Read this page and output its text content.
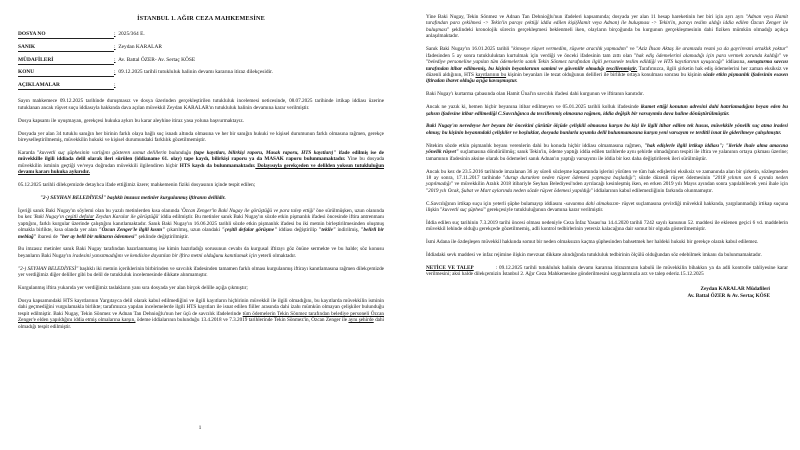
İSTANBUL 1. AĞIR CEZA MAHKEMESİNE
DOSYA NO	: 2025/364 E.
SANIK	: Zeydan KARALAR
MÜDAFİLERİ	: Av. Battal ÖZER- Av. Sertaç KÖSE
KONU	: 09.12.2025 tarihli tutukluluk halinin devamı kararına itiraz dilekçesidir.
AÇIKLAMALAR	:

Sayın mahkemece 09.12.2025 tarihinde duruşmasız ve dosya üzerinden gerçekleştirilen tutukluluk incelemesi neticesinde, 08.07.2025 tarihinde irtikap iddiası üzerine tutuklanan ancak rüşvet suçu iddiasıyla hakkında dava açılan müvekkil Zeydan KARALAR'ın tutukluluk halinin devamına karar verilmiştir.

Dosya kapsamı ile uyuşmayan, gerekçesi hukuka aykırı bu karar aleyhine itiraz yasa yoluna başvurmaktayız.

Dosyada yer alan 34 tutuklu sanığın her birinin farklı olaya bağlı suç isnadı altında olmasına ve her bir sanığın hukuki ve kişisel durumunun farklı olmasına rağmen, gerekçe bireyselleştirilmemiş, müvekkilin hukuki ve kişisel durumundaki farklılık gözetilmemiştir.

Kararda "kuvvetli suç şüphesinin varlığını gösteren somut delillerin bulunduğu (tape kayıtları, bilirkişi raporu, Masak raporu, HTS kayıtları)" ifade edilmiş ise de müvekkille ilgili iddiada delil olarak ileri sürülen (iddianame 61. olay) tape kaydı, bilirkişi raporu ya da MASAK raporu bulunmamaktadır. Yine bu dosyada müvekkilin isminin geçtiği ve/veya doğrudan müvekkili ilgilendiren hiçbir HTS kaydı da bulunmamaktadır. Dolayısıyla gerekçeden ve delilden yoksun tutukluluğun devamı kararı hukuka aykırıdır.

05.12.2025 tarihli dilekçemizde detaylıca ifade ettiğimiz üzere; mahkemenin fiziki dosyasının içinde tespit edilen;

"2-) SEYHAN BELEDİYESİ" başlıklı imzasız metinler kurgulanmış iftiranın delilidir.

İçeriği sanık Baki Nugay'ın söylemi olan bu yazılı metinlerden kısa olanında 'Özcan Zenger'in Baki Nugay ile görüştüğü ve para talep ettiği' öne sürülmüşken, uzun olanında bu kez 'Baki Nugay'ın çeşitli defalar Zeydan Karalar ile görüştüğü' iddia edilmiştir. Bu metinler sanık Baki Nugay'ın sözde etkin pişmanlık ifadesi öncesinde iftira antrenmanı yaptığını, farklı kurgular üzerinde çalıştığını kanıtlamaktadır. Sanık Baki Nugay'ın 16.06.2025 tarihli sözde etkin pişmanlık ifadesi bu iki metnin birleştirilmesinden oluşmuş olmakla birlikte, kısa olanda yer alan "Özcan Zenger'le ilgili kısım" çıkarılmış, uzun olandaki "çeşitli defalar görüşme" iddiası değiştirilip "tekile" indirilmiş, "belirli bir meblağ" ibaresi de "her ay belli bir miktarın ödenmesi" şeklinde değiştirilmiştir.

Bu imzasız metinler sanık Baki Nugay tarafından hazırlanmamış ise kimin hazırladığı sorusunun cevabı da kurgusal iftirayı göz önüne sermekte ve bu halde; söz konusu beyanların Baki Nugay'ın iradesini yansıtmadığını ve kendisine dayatılan bir iftira metni olduğunu kanıtlamak için yeterli olmaktadır.

"2-) SEYHAN BELEDİYESİ" başlıklı iki metnin içeriklerinin birbirinden ve savcılık ifadesinden tamamen farklı olması kurgulanmış iftirayı kanıtlamasına rağmen dilekçemizde yer verdiğimiz diğer deliller gibi bu delil de tutukluluk incelemesinde dikkate alınmamıştır.

Kurgulanmış iftira yukarıda yer verdiğimiz taslakların yanı sıra dosyada yer alan birçok delille açığa çıkmıştır;

Dosya kapsamındaki HTS kayıtlarının Yargıtayca delil olarak kabul edilmediğini ve ilgili kayıtların hiçbirinin müvekkil ile ilgili olmadığını, bu kayıtlarda müvekkilin isminin dahi geçmediğini vurgulamakla birlikte; tarafımızca yapılan incelemelerde ilgili HTS kayıtları ile isnat edilen fiiller arasında dahi izahı mümkün olmayan çelişkiler bulunduğu tespit edilmiştir. Baki Nugay, Tekin Sönmez ve Adnan Tan Dehnioğlu'nun her üçü de savcılık ifadelerinde tüm ödemelerin Tekin Sönmez tarafından belediye personeli Özcan Zenger'e elden yapıldığını iddia etmiş olmalarına karşın, ödeme iddialarının bulunduğu 13.4.2018 ve 7.3.2019 tarihlerinde Tekin Sönmez'in, Özcan Zenger ile aynı şehirde dahi olmadığı tespit edilmiştir.

1

Yine Baki Nugay, Tekin Sönmez ve Adnan Tan Dehnioğlu'nun ifadeleri kapsamında; dosyada yer alan 11 hesap hareketinin her biri için ayrı ayrı "Adnan veya Hamit tarafından para çekilmesi -> Tekin'in parayı çektiği iddia edilen kişi(Hamit veya Adnan) ile buluşması -> Tekin'in, parayı teslim aldığı iddia edilen Özcan Zenger ile buluşması" şeklindeki kronolojik sürecin gerçekleşmesi beklenmeli iken, olayların birçoğunda bu kurgunun gerçekleşmesinin dahi fiziken mümkün olmadığı açıkça anlaşılmaktadır.

Sanık Baki Nugay'ın 16.01.2025 tarihli "kimseye rüşvet vermedim, rüşvete aracılık yapmadım" ve "Aziz İhsan Aktaş ile aramızda resmi ya da gayriresmi ortaklık yoktur" ifadesinden 5 ay sonra tutukluluktan kurtulmak için verdiği ve önceki ifadesinin tam zıttı olan "hak ediş ödemelerini alamadığı için para vermek zorunda kaldığı" ve "belediye personeline yapılan tüm ödemelerin sanık Tekin Sönmez tarafından ilgili personele teslim edildiği ve HTS kayıtlarının uyuşacağı" iddiasına, soruşturma savcısı tarafından itibar edilmemiş, bu kişinin beyanlarının samimi ve güvenilir olmadığı tescillenmiştir. Tarafımızca, ilgili şirketin hak ediş ödemelerini her zaman eksiksiz ve düzenli aldığının, HTS kayıtlarının bu kişinin beyanları ile tezat olduğunun delilleri ile birlikte ortaya konulması sonrası bu kişinin sözde etkin pişmanlık ifadesinin esasen iftiradan ibaret olduğu açığa kavuşmuştur.

Baki Nugay'ı kurtarma çabasında olan Hamit Ünal'ın savcılık ifadesi dahi kurgunun ve iftiranın kanıtıdır.

Ancak ne yazık ki, hemen hiçbir beyanına itibar edilmeyen ve 05.01.2025 tarihli kolluk ifadesinde ikamet ettiği konutun adresini dahi hatırlamadığını beyan eden bu şahsın ifadesine itibar edilmediği C.Savcılığınca da tescillenmiş olmasına rağmen, iddia değişik bir varsayımla dava haline dönüştürülmüştür.

Baki Nugay'ın neredeyse her beyanı bir öncekini çürütür ölçüde çelişkili olmasına karşın bu kişi ile ilgili itibar edilen tek husus, müvekkile yönelik suç atma iradesi olmuş; bu kişinin beyanındaki çelişkiler ve boşluklar, dosyada bunlarla uyumlu delil bulunmamasına karşın yeni varsayım ve terditli isnat ile giderilmeye çalışılmıştır.

Nitekim sözde etkin pişmanlık beyanı verenlerin dahi bu konuda hiçbir iddiası olmamasına rağmen, "hak edişlerle ilgili irtikap iddiası"; "ileride ihale alma amacına yönelik rüşvet" suçlamasına döndürülmüş; sanık Tekin'in, ödeme yaptığı iddia edilen tarihlerde aynı şehirde olmadığının tespiti ile iftira ve yalanının ortaya çıkması üzerine; tamamının ifadesinin aksine olarak bu ödemeleri sanık Adnan'ın yaptığı varsayımı ile iddia bir kez daha değiştirilerek ileri sürülmüştür.

Ancak bu kez de 23.5.2016 tarihinde imzalanan 36 ay süreli sözleşme kapsamında işlerini yürüten ve tüm hak edişlerini eksiksiz ve zamanında alan bir şirketin, sözleşmeden 18 ay sonra, 17.11.2017 tarihinde "durup dururken neden rüşvet ödemesi yapmaya başladığı"; sözde düzenli rüşvet ödemesinin "2018 yılının son 6 ayında neden yapılmadığı" ve müvekkilin Aralık 2018 itibariyle Seyhan Belediyesi'nden ayrılacağı kesinleşmiş iken, en erken 2019 yılı Mayıs ayından sonra yapılabilecek yeni ihale için "2019 yılı Ocak, Şubat ve Mart aylarında neden sözde rüşvet ödemesi yapıldığı" iddialarının kabul edilemezliğinin farkında olunmamıştır.

C.Savcılığının irtikap suçu için yeterli şüphe bulamayıp iddiasını -savunma dahi almaksızın- rüşvet suçlamasına çevirdiği müvekkil hakkında, yargılanmadığı irtikap suçuna ilişkin "kuvvetli suç şüphesi" gerekçesiyle tutukluluğunun devamına karar verilmiştir.

İddia edilen suç tarihinin 7.3.2019 tarihi öncesi olması nedeniyle Ceza İnfaz Yasası'na 14.4.2020 tarihli 7242 sayılı kanunun 52. maddesi ile eklenen geçici 6 vd. maddelerin müvekkil lehinde olduğu gerekçede gözetilmemiş, adli kontrol tedbirlerinin yetersiz kalacağına dair somut bir olguda gösterilmemiştir.

İsmi Adana ile özdeşleşen müvekkil hakkında somut bir neden olmaksızın kaçma şüphesinden bahsetmek her haldeki hukuki bir gerekçe olarak kabul edilemez.

İddiadaki sevk maddesi ve infaz rejimine ilişkin mevzuat dikkate alındığında tutukluluk tedbirinin ölçülü olduğundan söz edebilmek imkanı da bulunmamaktadır.

NETİCE VE TALEP	: 09.12.2025 tarihli tutukluluk halinin devamı kararına itirazımızın kabulü ile müvekkilin bihakkın ya da adli kontrolle tahliyesine karar verilmesini; aksi halde dilekçemizin İstanbul 2. Ağır Ceza Mahkemesine gönderilmesini saygılarımızla arz ve talep ederiz.15.12.2025

Zeydan KARALAR Müdafileri
Av. Battal ÖZER & Av. Sertaç KÖSE
